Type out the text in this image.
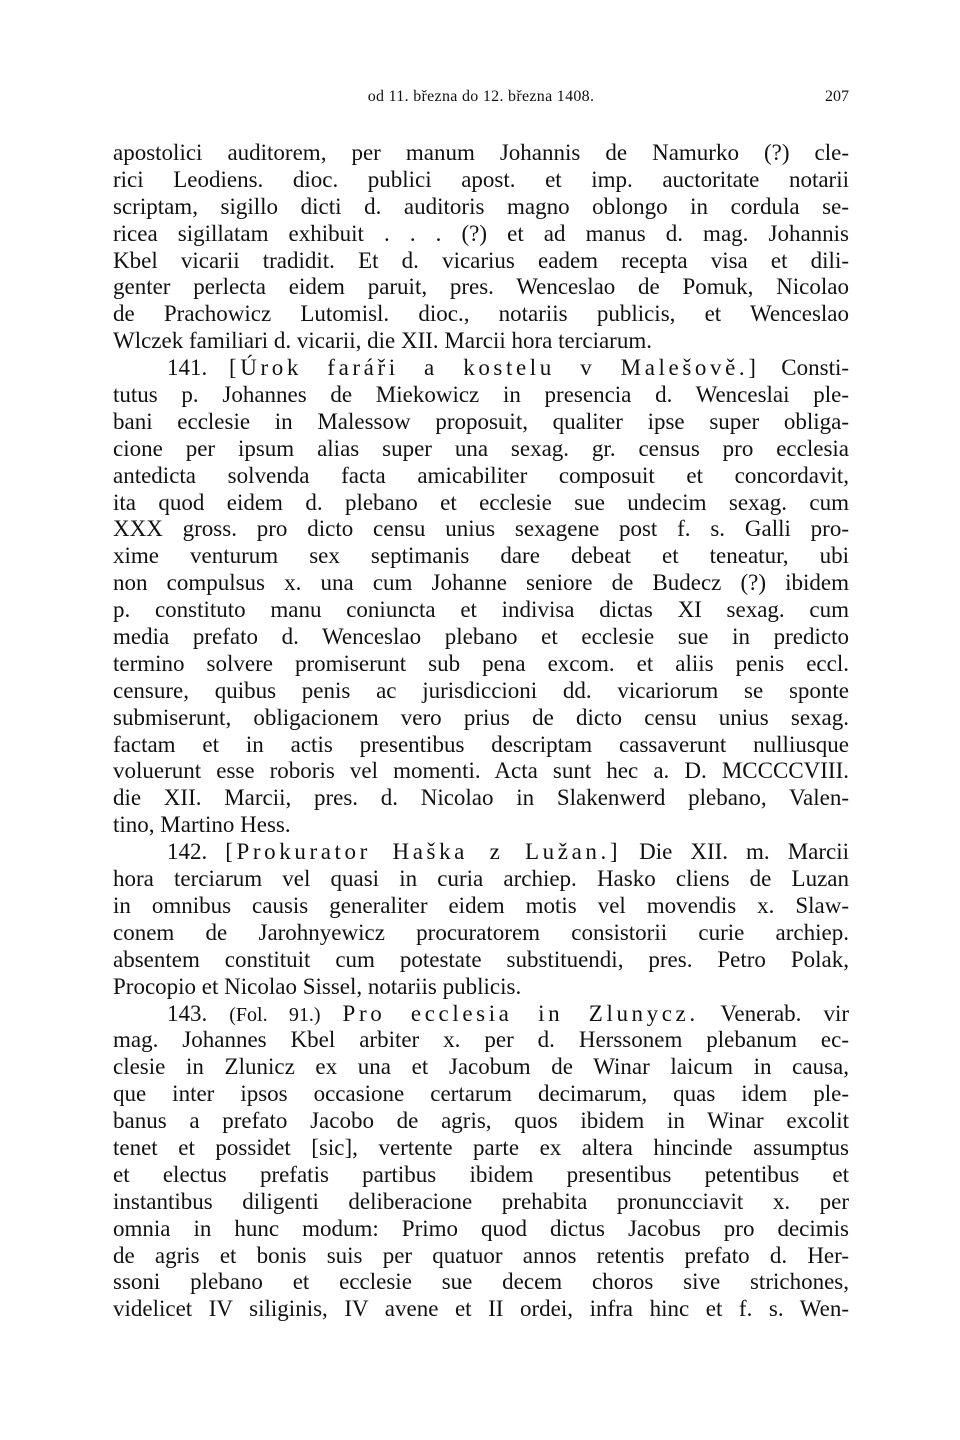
od 11. března do 12. března 1408.	207
apostolici auditorem, per manum Johannis de Namurko (?) cle-
rici Leodiens. dioc. publici apost. et imp. auctoritate notarii
scriptam, sigillo dicti d. auditoris magno oblongo in cordula se-
ricea sigillatam exhibuit . . . (?) et ad manus d. mag. Johannis
Kbel vicarii tradidit. Et d. vicarius eadem recepta visa et dili-
genter perlecta eidem paruit, pres. Wenceslao de Pomuk, Nicolao
de Prachowicz Lutomisl. dioc., notariis publicis, et Wenceslao
Wlczek familiari d. vicarii, die XII. Marcii hora terciarum.
141. [Úrok faráři a kostelu v Malešově.] Consti-
tutus p. Johannes de Miekowicz in presencia d. Wenceslai ple-
bani ecclesie in Malessow proposuit, qualiter ipse super obliga-
cione per ipsum alias super una sexag. gr. census pro ecclesia
antedicta solvenda facta amicabiliter composuit et concordavit,
ita quod eidem d. plebano et ecclesie sue undecim sexag. cum
XXX gross. pro dicto censu unius sexagene post f. s. Galli pro-
xime venturum sex septimanis dare debeat et teneatur, ubi
non compulsus x. una cum Johanne seniore de Budecz (?) ibidem
p. constituto manu coniuncta et indivisa dictas XI sexag. cum
media prefato d. Wenceslao plebano et ecclesie sue in predicto
termino solvere promiserunt sub pena excom. et aliis penis eccl.
censure, quibus penis ac jurisdiccioni dd. vicariorum se sponte
submiserunt, obligacionem vero prius de dicto censu unius sexag.
factam et in actis presentibus descriptam cassaverunt nulliusque
voluerunt esse roboris vel momenti. Acta sunt hec a. D. MCCCCVIII.
die XII. Marcii, pres. d. Nicolao in Slakenwerd plebano, Valen-
tino, Martino Hess.
142. [Prokurator Haška z Lužan.] Die XII. m. Marcii
hora terciarum vel quasi in curia archiep. Hasko cliens de Luzan
in omnibus causis generaliter eidem motis vel movendis x. Slaw-
conem de Jarohnyewicz procuratorem consistorii curie archiep.
absentem constituit cum potestate substituendi, pres. Petro Polak,
Procopio et Nicolao Sissel, notariis publicis.
143. (Fol. 91.) Pro ecclesia in Zlunycz. Venerab. vir
mag. Johannes Kbel arbiter x. per d. Herssonem plebanum ec-
clesie in Zlunicz ex una et Jacobum de Winar laicum in causa,
que inter ipsos occasione certarum decimarum, quas idem ple-
banus a prefato Jacobo de agris, quos ibidem in Winar excolit
tenet et possidet [sic], vertente parte ex altera hincinde assumptus
et electus prefatis partibus ibidem presentibus petentibus et
instantibus diligenti deliberacione prehabita pronuncciavit x. per
omnia in hunc modum: Primo quod dictus Jacobus pro decimis
de agris et bonis suis per quatuor annos retentis prefato d. Her-
ssoni plebano et ecclesie sue decem choros sive strichones,
videlicet IV siliginis, IV avene et II ordei, infra hinc et f. s. Wen-
